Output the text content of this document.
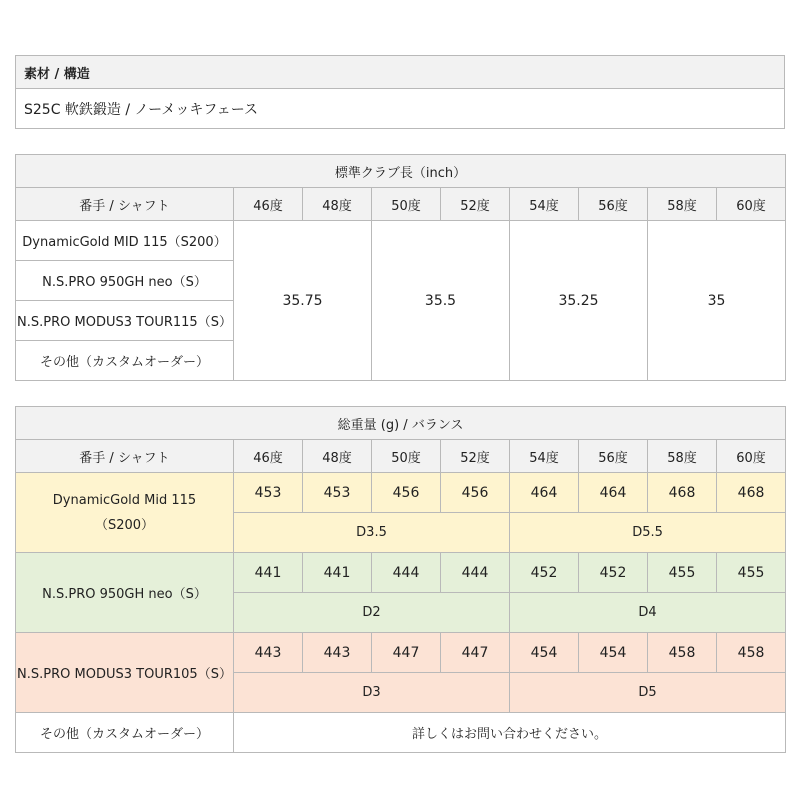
素材 / 構造
S25C 軟鉄鍛造 / ノーメッキフェース
標準クラブ長（inch）								
番手 / シャフト	46度	48度	50度	52度	54度	56度	58度	60度
DynamicGold MID 115（S200）	35.75		35.5		35.25		35	
N.S.PRO 950GH neo（S）								
N.S.PRO MODUS3 TOUR115（S）								
その他（カスタムオーダー）								
総重量 (g) / バランス								
番手 / シャフト	46度	48度	50度	52度	54度	56度	58度	60度

DynamicGold Mid 115
（S200）	453	453	456	456	464	464	468	468
	D3.5				D5.5			
N.S.PRO 950GH neo（S）	441	441	444	444	452	452	455	455
	D2				D4			
N.S.PRO MODUS3 TOUR105（S）	443	443	447	447	454	454	458	458
	D3				D5			
その他（カスタムオーダー）	詳しくはお問い合わせください。							
